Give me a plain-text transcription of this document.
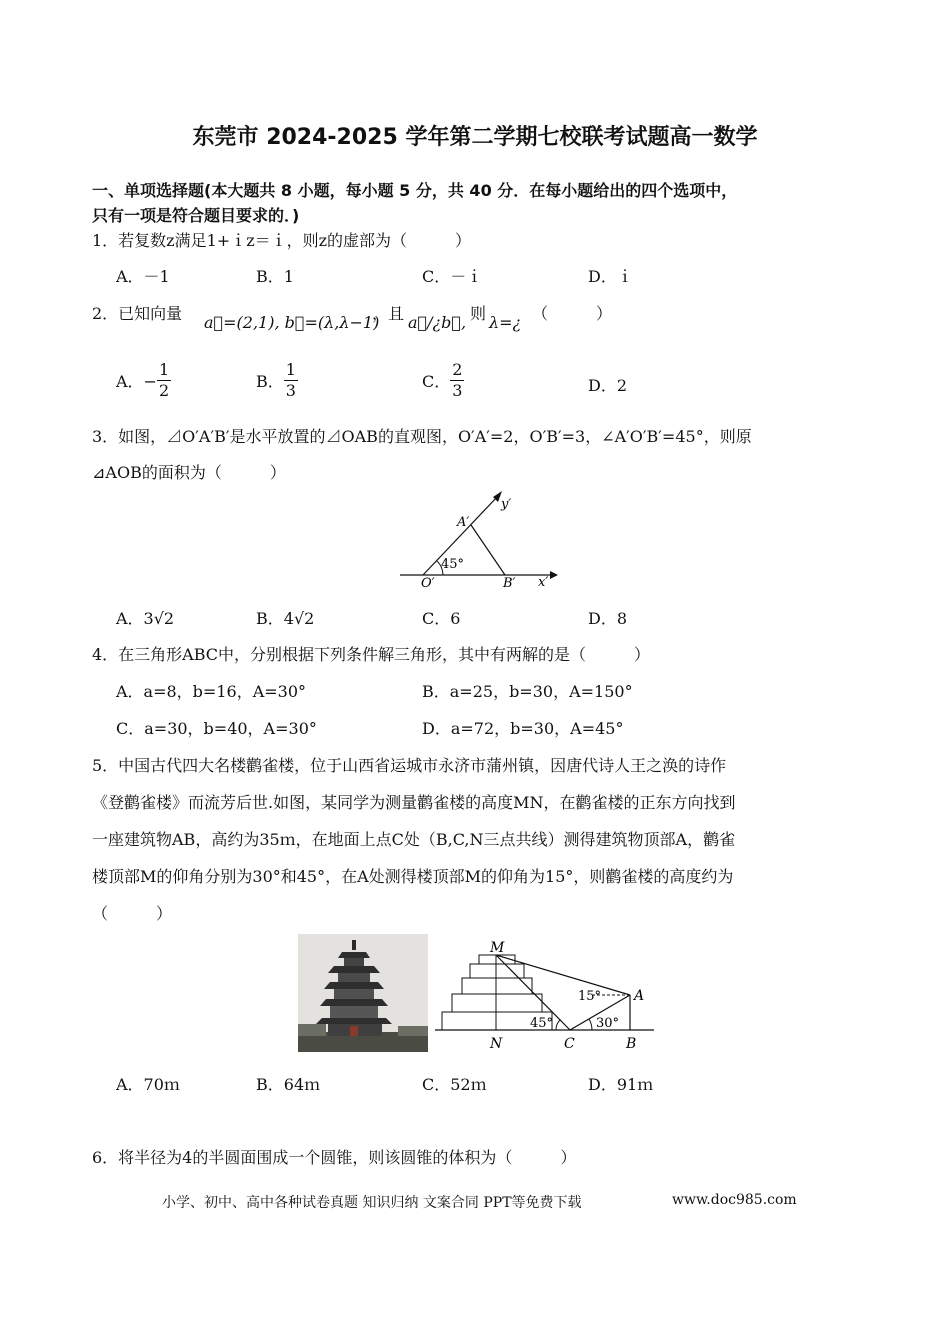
东莞市 2024-2025 学年第二学期七校联考试题高一数学
一、单项选择题(本大题共 8 小题，每小题 5 分，共 40 分．在每小题给出的四个选项中，
只有一项是符合题目要求的．)
1．若复数z满足1+ｉz＝ｉ，则z的虚部为（　　　）
A．－1	B．1	C．－ｉ	D．ｉ
2．已知向量 a⃗=(2,1), b⃗=(λ,λ−1)
，且 a⃗/¿b⃗, 则 λ=¿ （　　　）
A．− $\frac{1}{2}$	B． $\frac{1}{3}$	C． $\frac{2}{3}$	D．2
3．如图，⊿O′A′B′是水平放置的⊿OAB的直观图，O′A′=2，O′B′=3，∠A′O′B′=45°，则原
⊿AOB的面积为（　　　）
y′
x′
A′
O′	B′
45°
A．3√2	B．4√2	C．6	D．8
4．在三角形ABC中，分别根据下列条件解三角形，其中有两解的是（　　　）
A．a=8，b=16，A=30°	B．a=25，b=30，A=150°
C．a=30，b=40，A=30°	D．a=72，b=30，A=45°
5．中国古代四大名楼鹳雀楼，位于山西省运城市永济市蒲州镇，因唐代诗人王之涣的诗作
《登鹳雀楼》而流芳后世.如图，某同学为测量鹳雀楼的高度MN，在鹳雀楼的正东方向找到
一座建筑物AB，高约为35ｍ，在地面上点C处（B,C,N三点共线）测得建筑物顶部A，鹳雀
楼顶部M的仰角分别为30°和45°，在A处测得楼顶部M的仰角为15°，则鹳雀楼的高度约为
（　　　）
M
N	C	B
A
15°
45°	30°
A．70ｍ	B．64ｍ	C．52ｍ	D．91ｍ
6．将半径为4的半圆面围成一个圆锥，则该圆锥的体积为（　　　）
小学、初中、高中各种试卷真题 知识归纳 文案合同 PPT等免费下载	www.doc985.com
